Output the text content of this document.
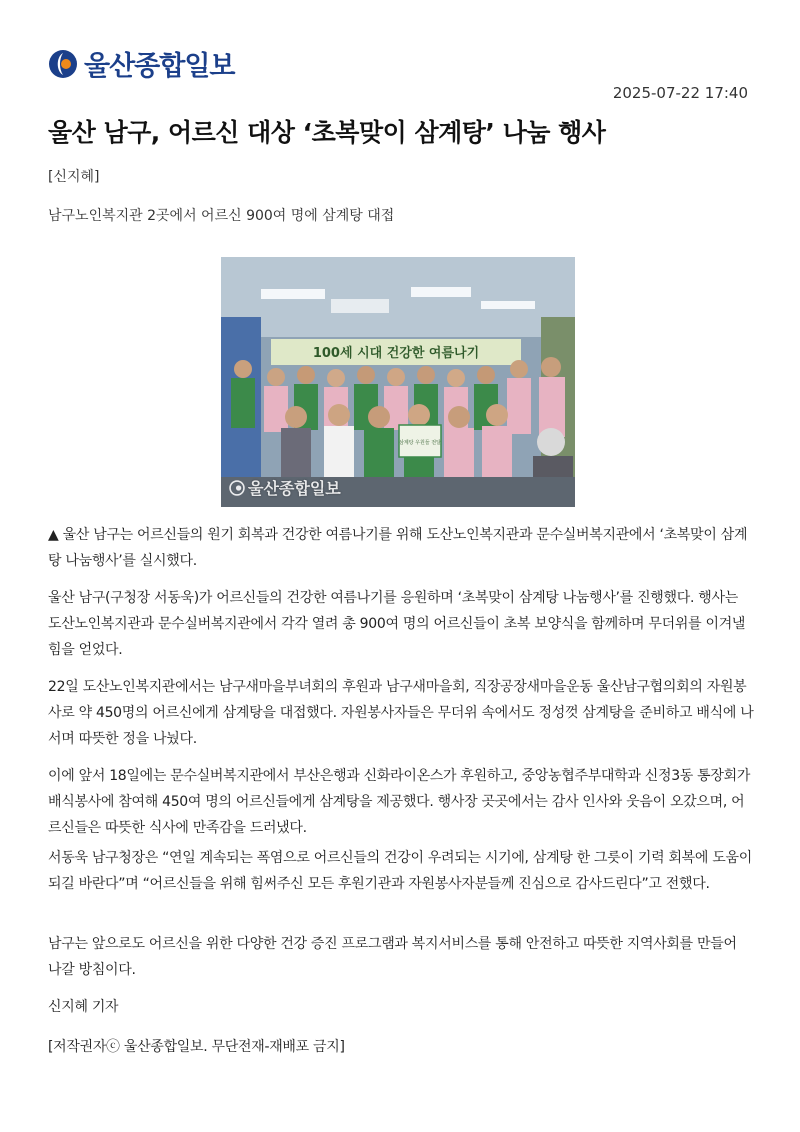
울산종합일보
2025-07-22 17:40
울산 남구, 어르신 대상 ‘초복맞이 삼계탕’ 나눔 행사
[신지혜]
남구노인복지관 2곳에서 어르신 900여 명에 삼계탕 대접
100세 시대 건강한 여름나기
삼계탕 우원들 전달
울산종합일보

▲ 울산 남구는 어르신들의 원기 회복과 건강한 여름나기를 위해 도산노인복지관과 문수실버복지관에서 ‘초복맞이 삼계탕 나눔행사’를 실시했다.

울산 남구(구청장 서동욱)가 어르신들의 건강한 여름나기를 응원하며 ‘초복맞이 삼계탕 나눔행사’를 진행했다. 행사는 도산노인복지관과 문수실버복지관에서 각각 열려 총 900여 명의 어르신들이 초복 보양식을 함께하며 무더위를 이겨낼 힘을 얻었다.

22일 도산노인복지관에서는 남구새마을부녀회의 후원과 남구새마을회, 직장공장새마을운동 울산남구협의회의 자원봉사로 약 450명의 어르신에게 삼계탕을 대접했다. 자원봉사자들은 무더위 속에서도 정성껏 삼계탕을 준비하고 배식에 나서며 따뜻한 정을 나눴다.

이에 앞서 18일에는 문수실버복지관에서 부산은행과 신화라이온스가 후원하고, 중앙농협주부대학과 신정3동 통장회가 배식봉사에 참여해 450여 명의 어르신들에게 삼계탕을 제공했다. 행사장 곳곳에서는 감사 인사와 웃음이 오갔으며, 어르신들은 따뜻한 식사에 만족감을 드러냈다.

서동욱 남구청장은 “연일 계속되는 폭염으로 어르신들의 건강이 우려되는 시기에, 삼계탕 한 그릇이 기력 회복에 도움이 되길 바란다”며 “어르신들을 위해 힘써주신 모든 후원기관과 자원봉사자분들께 진심으로 감사드린다”고 전했다.

남구는 앞으로도 어르신을 위한 다양한 건강 증진 프로그램과 복지서비스를 통해 안전하고 따뜻한 지역사회를 만들어 나갈 방침이다.

신지혜 기자

[저작권자ⓒ 울산종합일보. 무단전재-재배포 금지]
